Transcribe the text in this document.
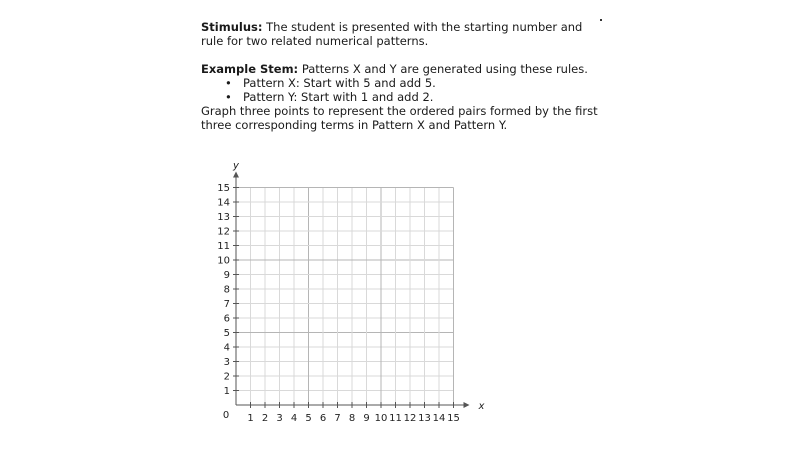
Stimulus: The student is presented with the starting number and rule for two related numerical patterns.

Example Stem: Patterns X and Y are generated using these rules.

• Pattern X: Start with 5 and add 5.
• Pattern Y: Start with 1 and add 2.

Graph three points to represent the ordered pairs formed by the first three corresponding terms in Pattern X and Pattern Y.

1 2 3 4 5 6 7 8 9 10 11 12 13 14 15
1
2
3
4
5
6
7
8
9
10
11
12
13
14
15
0
x
y
